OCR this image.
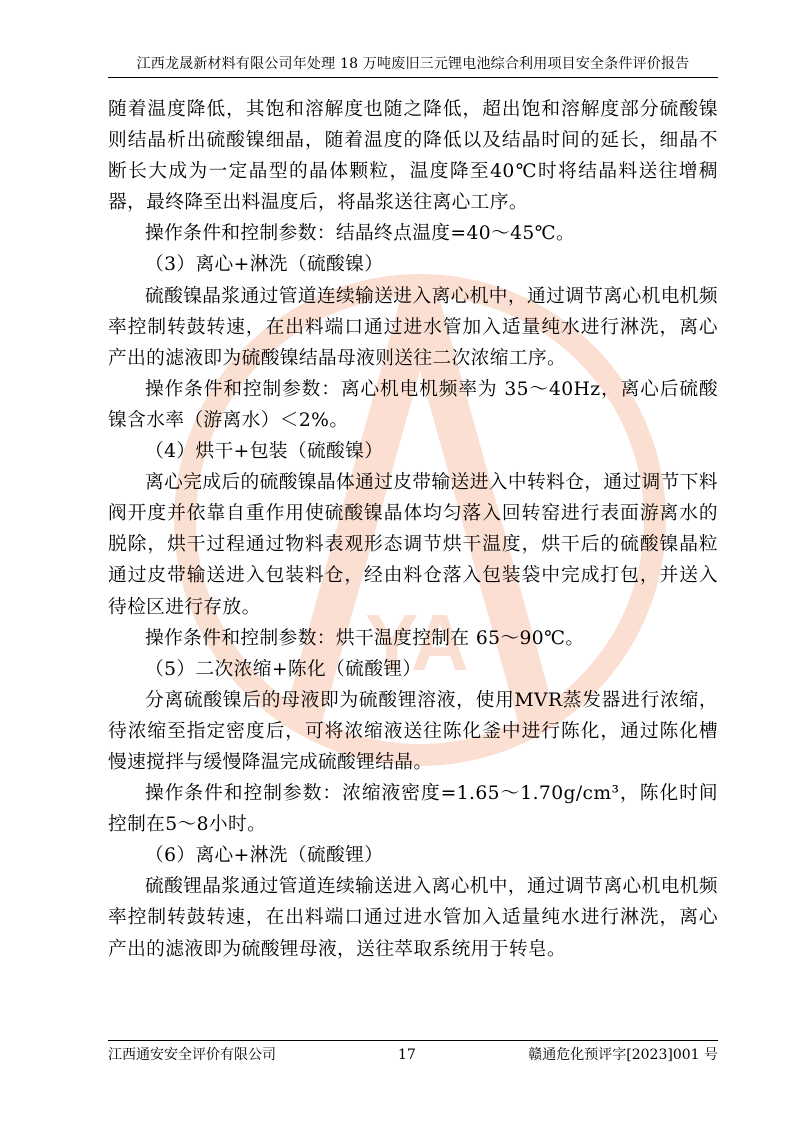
YA
江西龙晟新材料有限公司年处理 18 万吨废旧三元锂电池综合利用项目安全条件评价报告

随着温度降低，其饱和溶解度也随之降低，超出饱和溶解度部分硫酸镍则结晶析出硫酸镍细晶，随着温度的降低以及结晶时间的延长，细晶不断长大成为一定晶型的晶体颗粒，温度降至40℃时将结晶料送往增稠器，最终降至出料温度后，将晶浆送往离心工序。

操作条件和控制参数：结晶终点温度=40～45℃。

（3）离心+淋洗（硫酸镍）

硫酸镍晶浆通过管道连续输送进入离心机中，通过调节离心机电机频率控制转鼓转速，在出料端口通过进水管加入适量纯水进行淋洗，离心产出的滤液即为硫酸镍结晶母液则送往二次浓缩工序。

操作条件和控制参数：离心机电机频率为 35～40Hz，离心后硫酸镍含水率（游离水）＜2%。

（4）烘干+包装（硫酸镍）

离心完成后的硫酸镍晶体通过皮带输送进入中转料仓，通过调节下料阀开度并依靠自重作用使硫酸镍晶体均匀落入回转窑进行表面游离水的脱除，烘干过程通过物料表观形态调节烘干温度，烘干后的硫酸镍晶粒通过皮带输送进入包装料仓，经由料仓落入包装袋中完成打包，并送入待检区进行存放。

操作条件和控制参数：烘干温度控制在 65～90℃。

（5）二次浓缩+陈化（硫酸锂）

分离硫酸镍后的母液即为硫酸锂溶液，使用MVR蒸发器进行浓缩，待浓缩至指定密度后，可将浓缩液送往陈化釜中进行陈化，通过陈化槽慢速搅拌与缓慢降温完成硫酸锂结晶。

操作条件和控制参数：浓缩液密度=1.65～1.70g/cm³，陈化时间控制在5～8小时。

（6）离心+淋洗（硫酸锂）

硫酸锂晶浆通过管道连续输送进入离心机中，通过调节离心机电机频率控制转鼓转速，在出料端口通过进水管加入适量纯水进行淋洗，离心产出的滤液即为硫酸锂母液，送往萃取系统用于转皂。

江西通安安全评价有限公司	17	赣通危化预评字[2023]001 号
